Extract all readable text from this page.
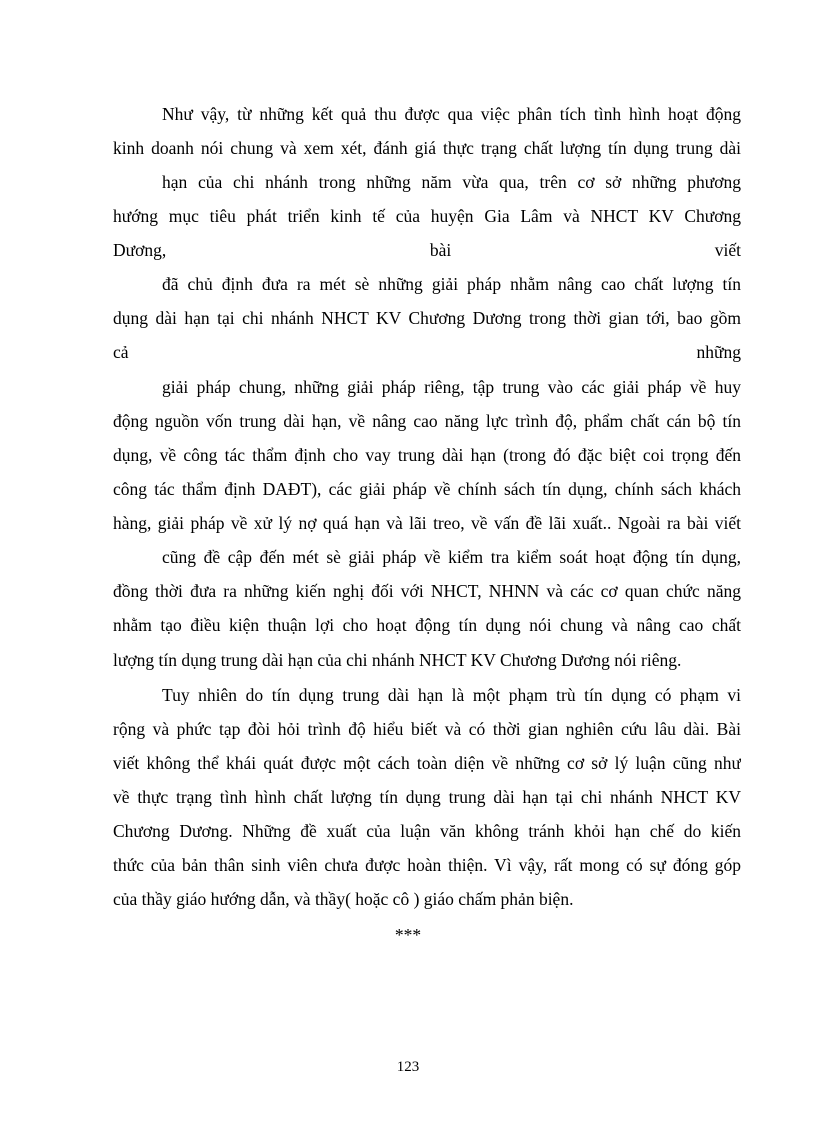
Như vậy, từ những kết quả thu được qua việc phân tích tình hình hoạt động
kinh doanh nói chung và xem xét, đánh giá thực trạng chất lượng tín dụng trung dài
hạn của chi nhánh trong những năm vừa qua, trên cơ sở những phương
hướng mục tiêu phát triển kinh tế của huyện Gia Lâm và NHCT KV Chương
Dương, bài viết
đã chủ định đưa ra mét sè những giải pháp nhằm nâng cao chất lượng tín
dụng dài hạn tại chi nhánh NHCT KV Chương Dương trong thời gian tới, bao gồm
cả những
giải pháp chung, những giải pháp riêng, tập trung vào các giải pháp về huy
động nguồn vốn trung dài hạn, về nâng cao năng lực trình độ, phẩm chất cán bộ tín
dụng, về công tác thẩm định cho vay trung dài hạn (trong đó đặc biệt coi trọng đến
công tác thẩm định DAĐT), các giải pháp về chính sách tín dụng, chính sách khách
hàng, giải pháp về xử lý nợ quá hạn và lãi treo, về vấn đề lãi xuất.. Ngoài ra bài viết
cũng đề cập đến mét sè giải pháp về kiểm tra kiểm soát hoạt động tín dụng,
đồng thời đưa ra những kiến nghị đối với NHCT, NHNN và các cơ quan chức năng
nhằm tạo điều kiện thuận lợi cho hoạt động tín dụng nói chung và nâng cao chất
lượng tín dụng trung dài hạn của chi nhánh NHCT KV Chương Dương nói riêng.
Tuy nhiên do tín dụng trung dài hạn là một phạm trù tín dụng có phạm vi
rộng và phức tạp đòi hỏi trình độ hiểu biết và có thời gian nghiên cứu lâu dài. Bài
viết không thể khái quát được một cách toàn diện về những cơ sở lý luận cũng như
về thực trạng tình hình chất lượng tín dụng trung dài hạn tại chi nhánh NHCT KV
Chương Dương. Những đề xuất của luận văn không tránh khỏi hạn chế do kiến
thức của bản thân sinh viên chưa được hoàn thiện. Vì vậy, rất mong có sự đóng góp
của thầy giáo hướng dẫn, và thầy( hoặc cô ) giáo chấm phản biện.
***
123
